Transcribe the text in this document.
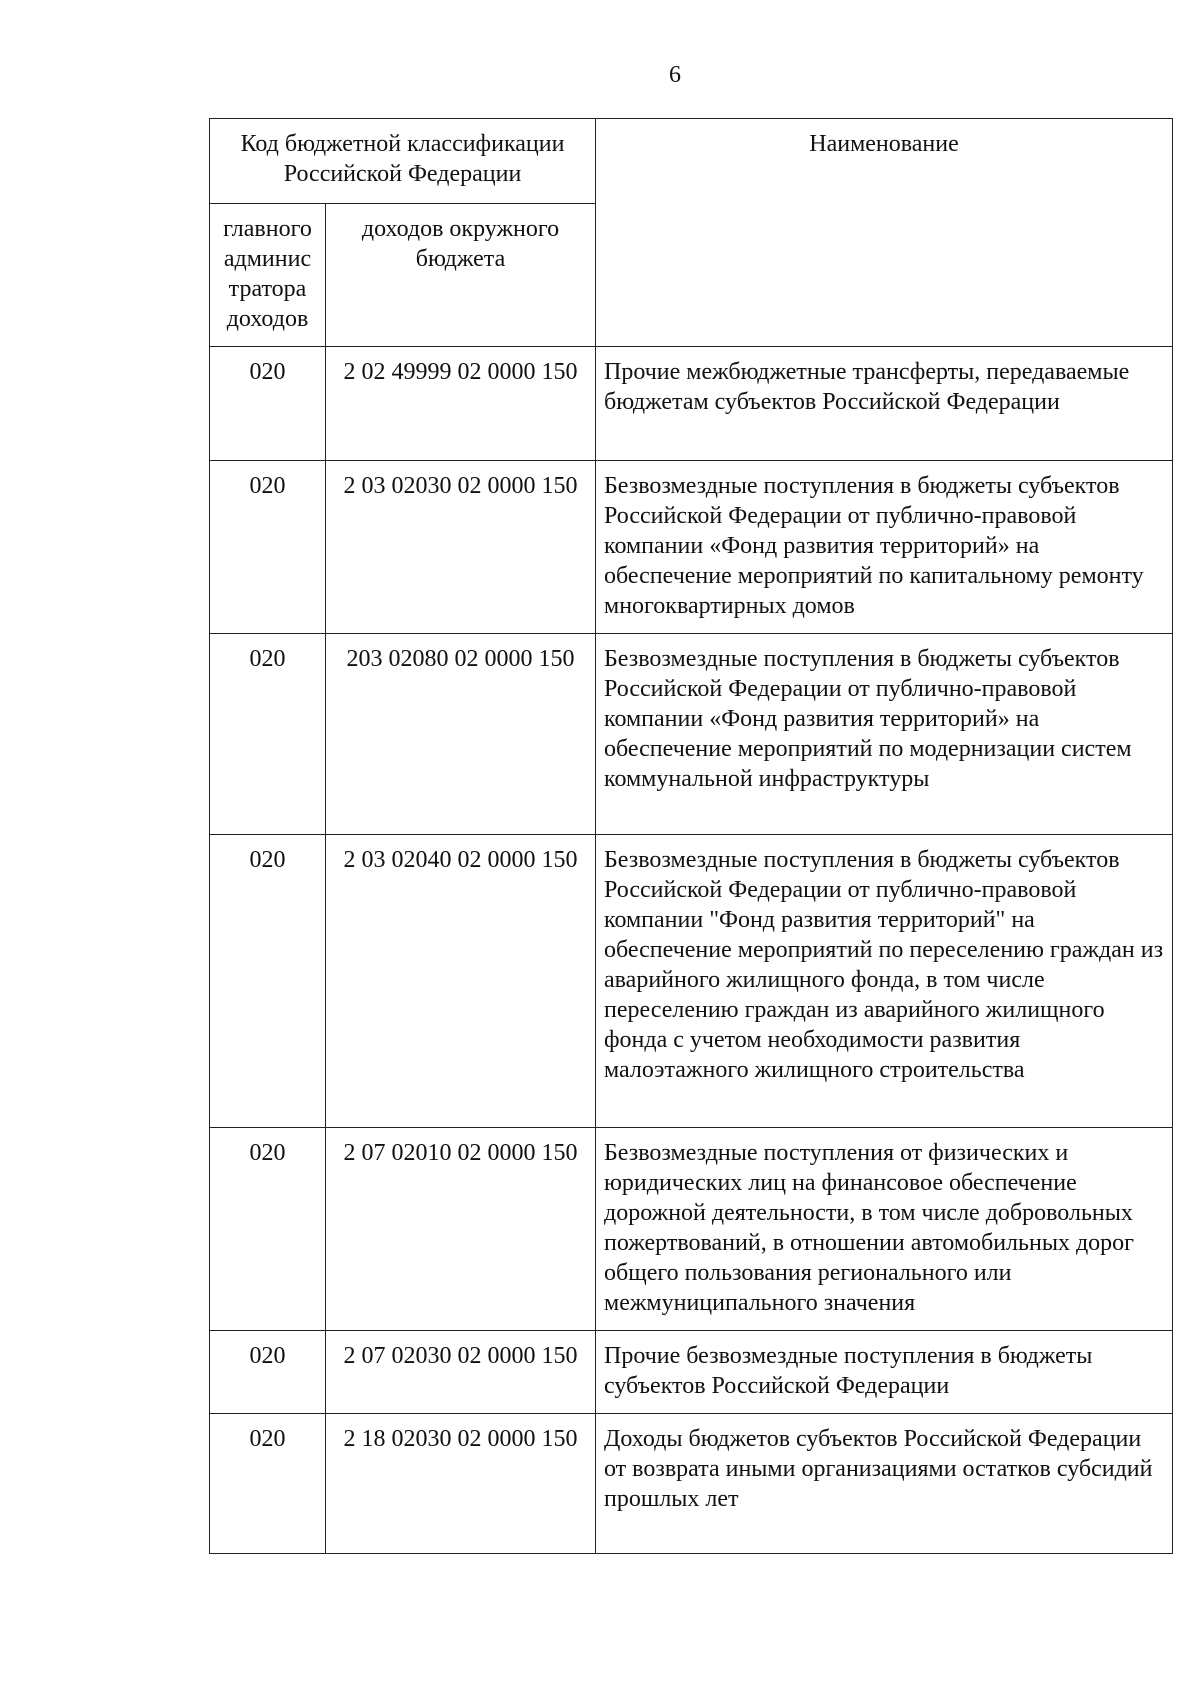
6
Код бюджетной классификации Российской Федерации		Наименование
главного админис тратора доходов	доходов окружного бюджета	
020	2 02 49999 02 0000 150	Прочие межбюджетные трансферты, передаваемые бюджетам субъектов Российской Федерации
020	2 03 02030 02 0000 150	Безвозмездные поступления в бюджеты субъектов Российской Федерации от публично-правовой компании «Фонд развития территорий» на обеспечение мероприятий по капитальному ремонту многоквартирных домов
020	203 02080 02 0000 150	Безвозмездные поступления в бюджеты субъектов Российской Федерации от публично-правовой компании «Фонд развития территорий» на обеспечение мероприятий по модернизации систем коммунальной инфраструктуры
020	2 03 02040 02 0000 150	Безвозмездные поступления в бюджеты субъектов Российской Федерации от публично-правовой компании "Фонд развития территорий" на обеспечение мероприятий по переселению граждан из аварийного жилищного фонда, в том числе переселению граждан из аварийного жилищного фонда с учетом необходимости развития малоэтажного жилищного строительства
020	2 07 02010 02 0000 150	Безвозмездные поступления от физических и юридических лиц на финансовое обеспечение дорожной деятельности, в том числе добровольных пожертвований, в отношении автомобильных дорог общего пользования регионального или межмуниципального значения
020	2 07 02030 02 0000 150	Прочие безвозмездные поступления в бюджеты субъектов Российской Федерации
020	2 18 02030 02 0000 150	Доходы бюджетов субъектов Российской Федерации от возврата иными организациями остатков субсидий прошлых лет
